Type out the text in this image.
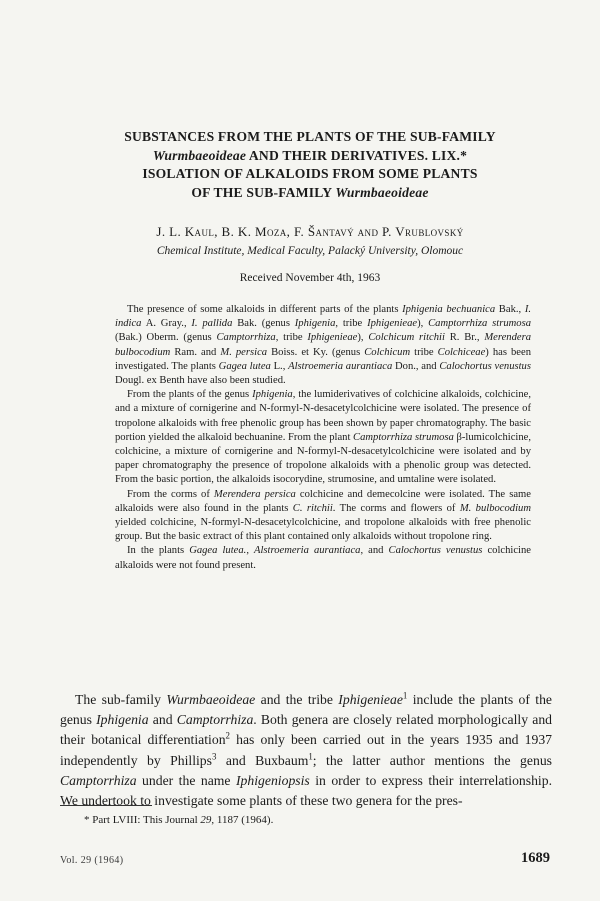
SUBSTANCES FROM THE PLANTS OF THE SUB-FAMILY
Wurmbaeoideae AND THEIR DERIVATIVES. LIX.*
ISOLATION OF ALKALOIDS FROM SOME PLANTS
OF THE SUB-FAMILY Wurmbaeoideae
J. L. Kaul, B. K. Moza, F. Šantavý and P. Vrublovský
Chemical Institute, Medical Faculty, Palacký University, Olomouc
Received November 4th, 1963

The presence of some alkaloids in different parts of the plants Iphigenia bechuanica Bak., I. indica A. Gray., I. pallida Bak. (genus Iphigenia, tribe Iphigenieae), Camptorrhiza strumosa (Bak.) Oberm. (genus Camptorrhiza, tribe Iphigenieae), Colchicum ritchii R. Br., Merendera bulbocodium Ram. and M. persica Boiss. et Ky. (genus Colchicum tribe Colchiceae) has been investigated. The plants Gagea lutea L., Alstroemeria aurantiaca Don., and Calochortus venustus Dougl. ex Benth have also been studied.

From the plants of the genus Iphigenia, the lumiderivatives of colchicine alkaloids, colchicine, and a mixture of cornigerine and N-formyl-N-desacetylcolchicine were isolated. The presence of tropolone alkaloids with free phenolic group has been shown by paper chromatography. The basic portion yielded the alkaloid bechuanine. From the plant Camptorrhiza strumosa β-lumicolchicine, colchicine, a mixture of cornigerine and N-formyl-N-desacetylcolchicine were isolated and by paper chromatography the presence of tropolone alkaloids with a phenolic group was detected. From the basic portion, the alkaloids isocorydine, strumosine, and umtaline were isolated.

From the corms of Merendera persica colchicine and demecolcine were isolated. The same alkaloids were also found in the plants C. ritchii. The corms and flowers of M. bulbocodium yielded colchicine, N-formyl-N-desacetylcolchicine, and tropolone alkaloids with free phenolic group. But the basic extract of this plant contained only alkaloids without tropolone ring.

In the plants Gagea lutea., Alstroemeria aurantiaca, and Calochortus venustus colchicine alkaloids were not found present.

The sub-family Wurmbaeoideae and the tribe Iphigenieae$^1$ include the plants of the genus Iphigenia and Camptorrhiza. Both genera are closely related morphologically and their botanical differentiation$^2$ has only been carried out in the years 1935 and 1937 independently by Phillips$^3$ and Buxbaum$^1$; the latter author mentions the genus Camptorrhiza under the name Iphigeniopsis in order to express their interrelationship. We undertook to investigate some plants of these two genera for the pres-

* Part LVIII: This Journal 29, 1187 (1964).
Vol. 29 (1964)	1689
